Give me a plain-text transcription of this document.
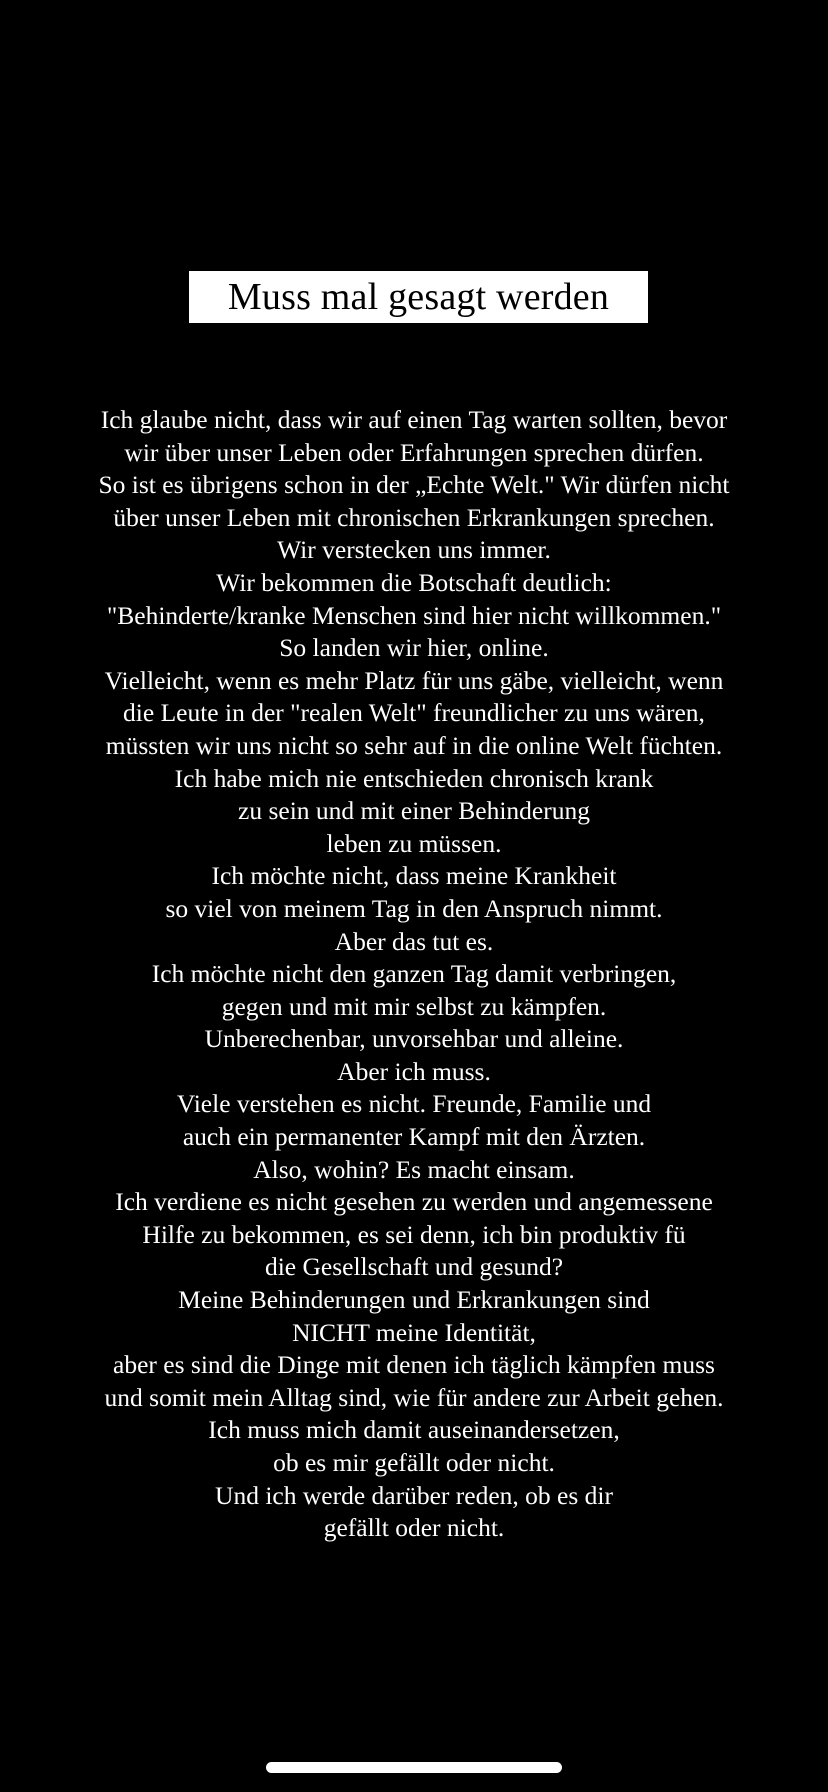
Muss mal gesagt werden
Ich glaube nicht, dass wir auf einen Tag warten sollten, bevor
wir über unser Leben oder Erfahrungen sprechen dürfen.
So ist es übrigens schon in der „Echte Welt." Wir dürfen nicht
über unser Leben mit chronischen Erkrankungen sprechen.
Wir verstecken uns immer.
Wir bekommen die Botschaft deutlich:
"Behinderte/kranke Menschen sind hier nicht willkommen."
So landen wir hier, online.
Vielleicht, wenn es mehr Platz für uns gäbe, vielleicht, wenn
die Leute in der "realen Welt" freundlicher zu uns wären,
müssten wir uns nicht so sehr auf in die online Welt füchten.
Ich habe mich nie entschieden chronisch krank
zu sein und mit einer Behinderung
leben zu müssen.
Ich möchte nicht, dass meine Krankheit
so viel von meinem Tag in den Anspruch nimmt.
Aber das tut es.
Ich möchte nicht den ganzen Tag damit verbringen,
gegen und mit mir selbst zu kämpfen.
Unberechenbar, unvorsehbar und alleine.
Aber ich muss.
Viele verstehen es nicht. Freunde, Familie und
auch ein permanenter Kampf mit den Ärzten.
Also, wohin? Es macht einsam.
Ich verdiene es nicht gesehen zu werden und angemessene
Hilfe zu bekommen, es sei denn, ich bin produktiv fü
die Gesellschaft und gesund?
Meine Behinderungen und Erkrankungen sind
NICHT meine Identität,
aber es sind die Dinge mit denen ich täglich kämpfen muss
und somit mein Alltag sind, wie für andere zur Arbeit gehen.
Ich muss mich damit auseinandersetzen,
ob es mir gefällt oder nicht.
Und ich werde darüber reden, ob es dir
gefällt oder nicht.
